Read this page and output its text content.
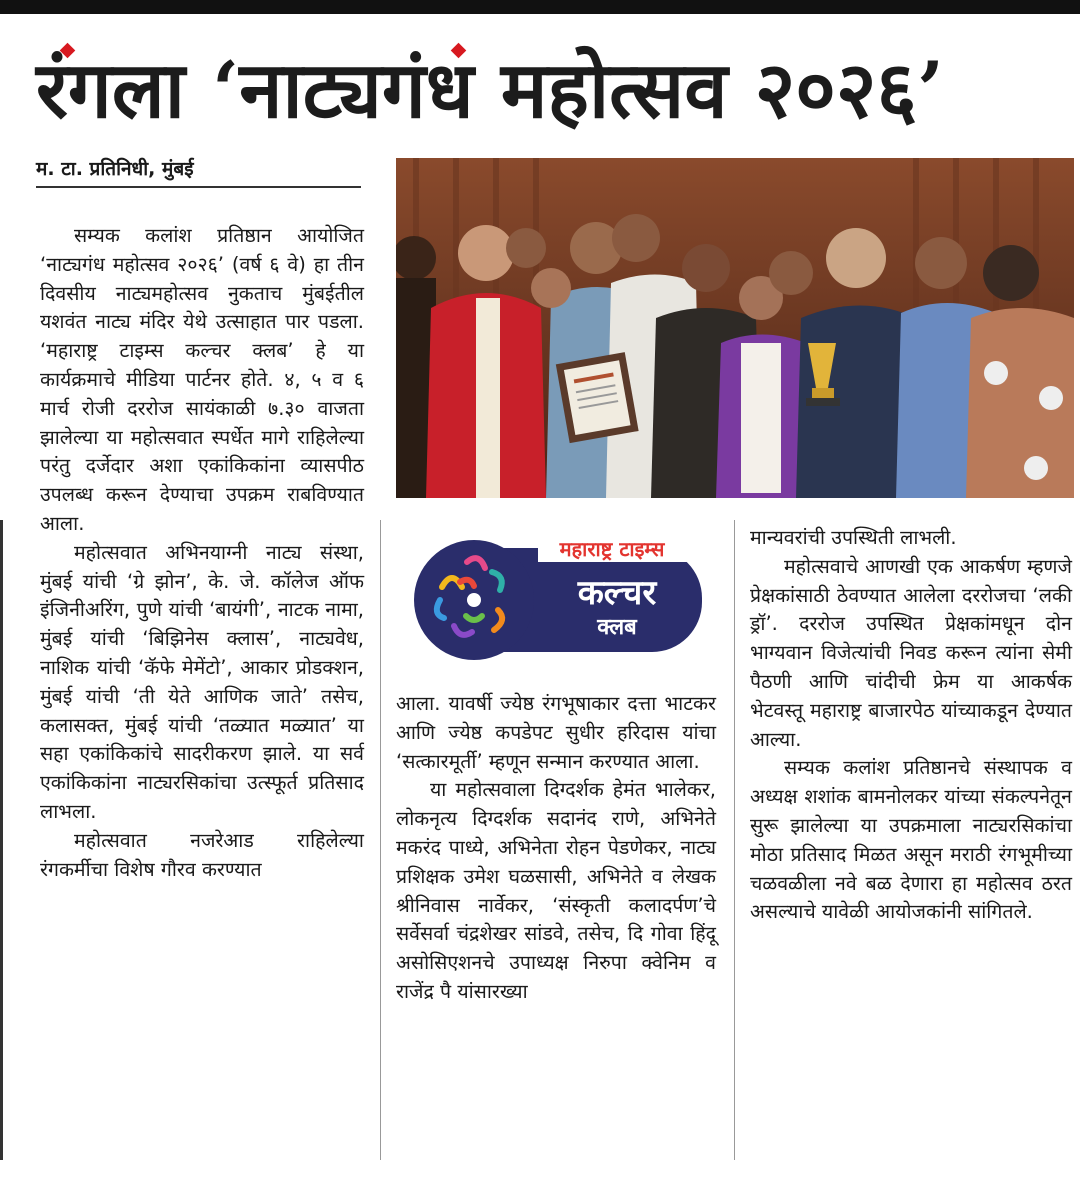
रंगला ‘नाट्यगंध महोत्सव २०२६’
म. टा. प्रतिनिधी, मुंबई

सम्यक कलांश प्रतिष्ठान आयोजित ‘नाट्यगंध महोत्सव २०२६’ (वर्ष ६ वे) हा तीन दिवसीय नाट्यमहोत्सव नुकताच मुंबईतील यशवंत नाट्य मंदिर येथे उत्साहात पार पडला. ‘महाराष्ट्र टाइम्स कल्चर क्लब’ हे या कार्यक्रमाचे मीडिया पार्टनर होते. ४, ५ व ६ मार्च रोजी दररोज सायंकाळी ७.३० वाजता झालेल्या या महोत्सवात स्पर्धेत मागे राहिलेल्या परंतु दर्जेदार अशा एकांकिकांना व्यासपीठ उपलब्ध करून देण्याचा उपक्रम राबविण्यात आला.

महोत्सवात अभिनयाग्नी नाट्य संस्था, मुंबई यांची ‘ग्रे झोन’, के. जे. कॉलेज ऑफ इंजिनीअरिंग, पुणे यांची ‘बायंगी’, नाटक नामा, मुंबई यांची ‘बिझिनेस क्लास’, नाट्यवेध, नाशिक यांची ‘कॅफे मेमेंटो’, आकार प्रोडक्शन, मुंबई यांची ‘ती येते आणिक जाते’ तसेच, कलासक्त, मुंबई यांची ‘तळ्यात मळ्यात’ या सहा एकांकिकांचे सादरीकरण झाले. या सर्व एकांकिकांना नाट्यरसिकांचा उत्स्फूर्त प्रतिसाद लाभला.

महोत्सवात नजरेआड राहिलेल्या रंगकर्मीचा विशेष गौरव करण्यात

महाराष्ट्र टाइम्स
कल्चर
क्लब

आला. यावर्षी ज्येष्ठ रंगभूषाकार दत्ता भाटकर आणि ज्येष्ठ कपडेपट सुधीर हरिदास यांचा ‘सत्कारमूर्ती’ म्हणून सन्मान करण्यात आला.

या महोत्सवाला दिग्दर्शक हेमंत भालेकर, लोकनृत्य दिग्दर्शक सदानंद राणे, अभिनेते मकरंद पाध्ये, अभिनेता रोहन पेडणेकर, नाट्य प्रशिक्षक उमेश घळसासी, अभिनेते व लेखक श्रीनिवास नार्वेकर, ‘संस्कृती कलादर्पण’चे सर्वेसर्वा चंद्रशेखर सांडवे, तसेच, दि गोवा हिंदू असोसिएशनचे उपाध्यक्ष निरुपा क्वेनिम व राजेंद्र पै यांसारख्या

मान्यवरांची उपस्थिती लाभली.

महोत्सवाचे आणखी एक आकर्षण म्हणजे प्रेक्षकांसाठी ठेवण्यात आलेला दररोजचा ‘लकी ड्रॉ’. दररोज उपस्थित प्रेक्षकांमधून दोन भाग्यवान विजेत्यांची निवड करून त्यांना सेमी पैठणी आणि चांदीची फ्रेम या आकर्षक भेटवस्तू महाराष्ट्र बाजारपेठ यांच्याकडून देण्यात आल्या.

सम्यक कलांश प्रतिष्ठानचे संस्थापक व अध्यक्ष शशांक बामनोलकर यांच्या संकल्पनेतून सुरू झालेल्या या उपक्रमाला नाट्यरसिकांचा मोठा प्रतिसाद मिळत असून मराठी रंगभूमीच्या चळवळीला नवे बळ देणारा हा महोत्सव ठरत असल्याचे यावेळी आयोजकांनी सांगितले.
